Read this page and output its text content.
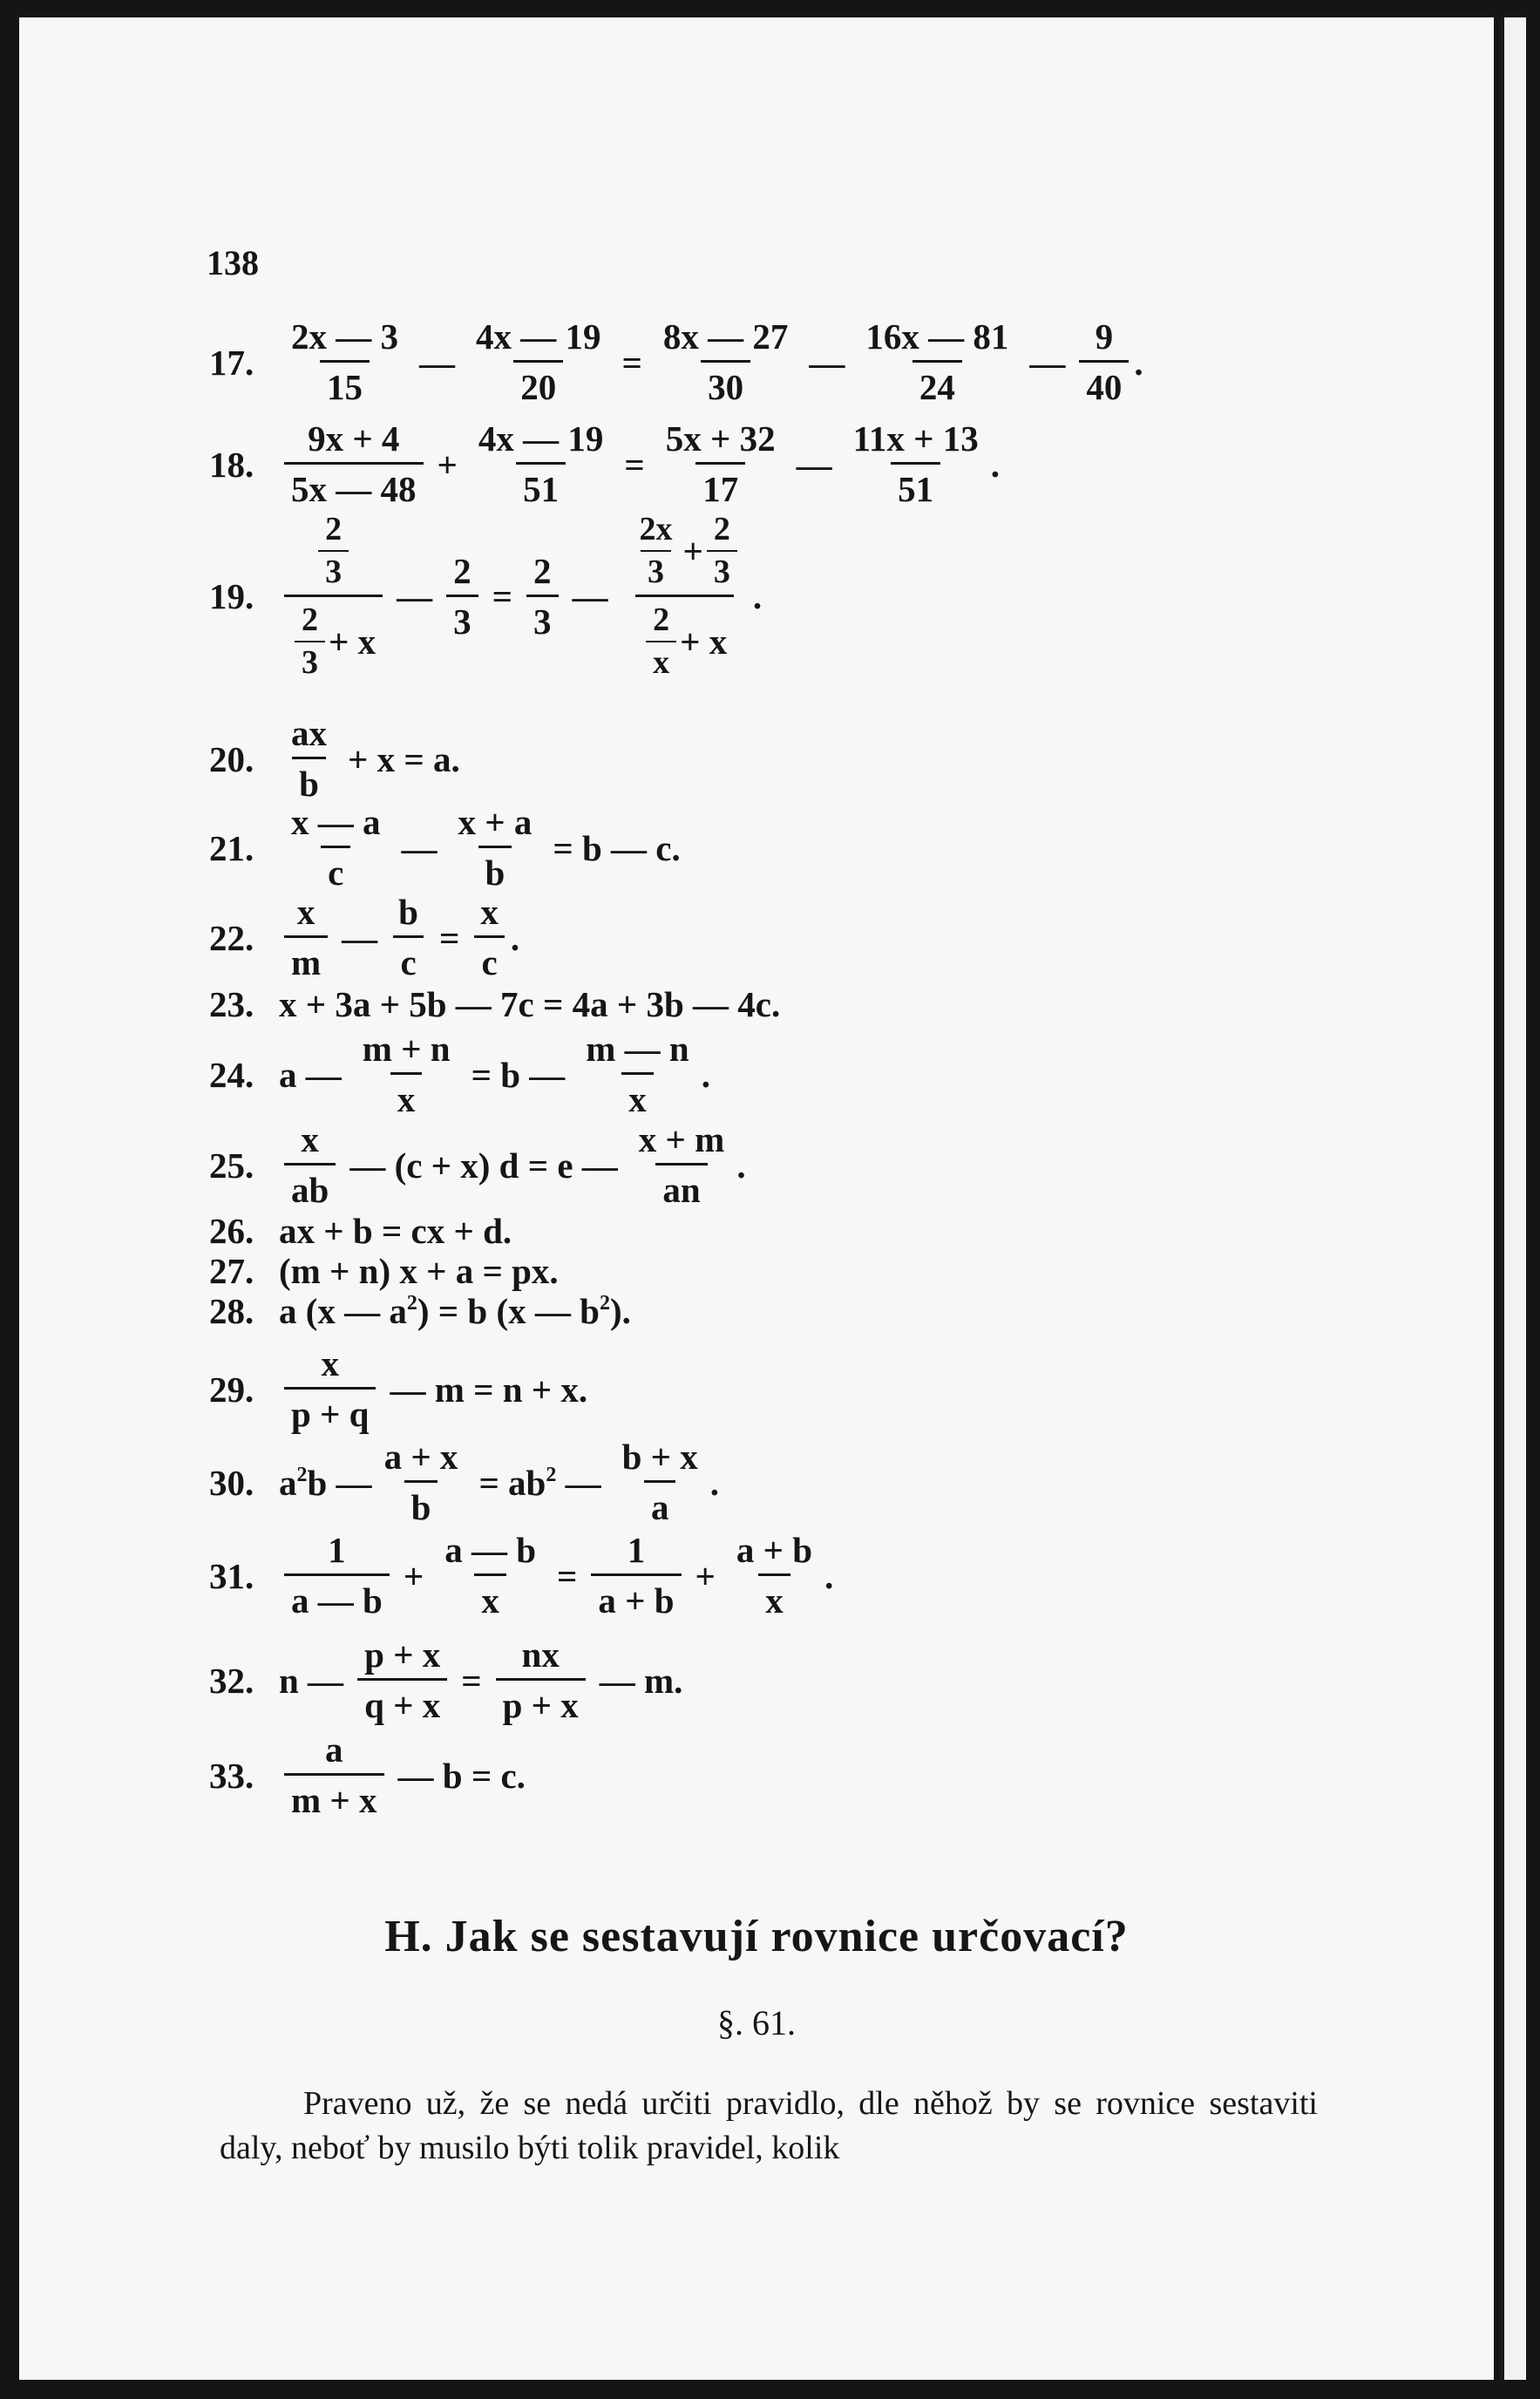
138
17. $\frac{2x — 3}{15}$ — $\frac{4x — 19}{20} = \frac{8x — 27}{30}$ — $\frac{16x — 81}{24}$ — $\frac{9}{40}$ .
18. $\frac{9x + 4}{5x — 48} + \frac{4x — 19}{51} = \frac{5x + 32}{17}$ — $\frac{11x + 13}{51}$ .
19. $\frac{\frac{2}{3}}{\frac{2}{3} + x}$ — $\frac{2}{3} = \frac{2}{3}$ — $\frac{\frac{2x}{3} + \frac{2}{3}}{\frac{2}{x} + x}$ .
20. $\frac{ax}{b} + x = a$.
21. $\frac{x — a}{c}$ — $\frac{x + a}{b} = b$ — c.
22. $\frac{x}{m}$ — $\frac{b}{c} = \frac{x}{c}$ .
23. x + 3a + 5b — 7c = 4a + 3b — 4c.
24. a — $\frac{m + n}{x} = b$ — $\frac{m — n}{x}$ .
25. $\frac{x}{ab}$ — (c + x) d = e — $\frac{x + m}{an}$ .
26. ax + b = cx + d.
27. (m + n) x + a = px.
28. a (x — $a^2) = b$ (x — $b^2$).
29. $\frac{x}{p + q}$ — m = n + x.
30. $a^2b$ — $\frac{a + x}{b} = ab^2$ — $\frac{b + x}{a}$ .
31. $\frac{1}{a — b} + \frac{a — b}{x} = \frac{1}{a + b} + \frac{a + b}{x}$ .
32. n — $\frac{p + x}{q + x} = \frac{nx}{p + x}$ — m.
33. $\frac{a}{m + x}$ — b = c.
H. Jak se sestavují rovnice určovací?
§. 61.
Praveno už, že se nedá určiti pravidlo, dle něhož by se rovnice sestaviti daly, neboť by musilo býti tolik pravidel, kolik
